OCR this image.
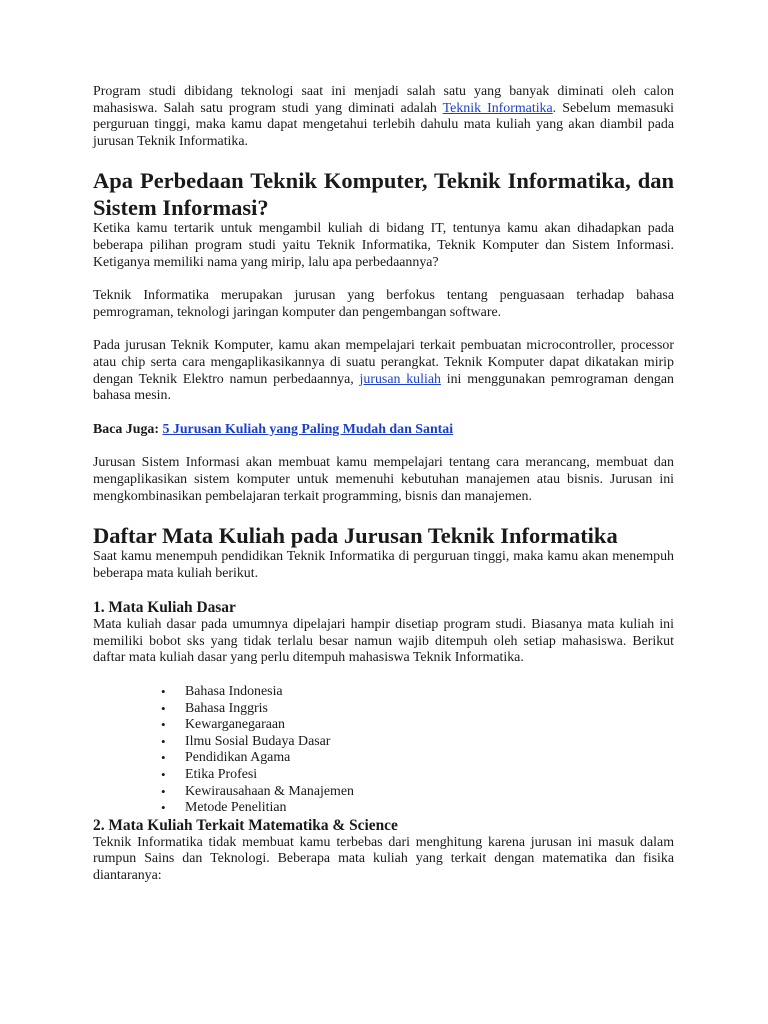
Program studi dibidang teknologi saat ini menjadi salah satu yang banyak diminati oleh calon mahasiswa. Salah satu program studi yang diminati adalah Teknik Informatika. Sebelum memasuki perguruan tinggi, maka kamu dapat mengetahui terlebih dahulu mata kuliah yang akan diambil pada jurusan Teknik Informatika.

Apa Perbedaan Teknik Komputer, Teknik Informatika, dan Sistem Informasi?

Ketika kamu tertarik untuk mengambil kuliah di bidang IT, tentunya kamu akan dihadapkan pada beberapa pilihan program studi yaitu Teknik Informatika, Teknik Komputer dan Sistem Informasi. Ketiganya memiliki nama yang mirip, lalu apa perbedaannya?

Teknik Informatika merupakan jurusan yang berfokus tentang penguasaan terhadap bahasa pemrograman, teknologi jaringan komputer dan pengembangan software.

Pada jurusan Teknik Komputer, kamu akan mempelajari terkait pembuatan microcontroller, processor atau chip serta cara mengaplikasikannya di suatu perangkat. Teknik Komputer dapat dikatakan mirip dengan Teknik Elektro namun perbedaannya, jurusan kuliah ini menggunakan pemrograman dengan bahasa mesin.

Baca Juga: 5 Jurusan Kuliah yang Paling Mudah dan Santai

Jurusan Sistem Informasi akan membuat kamu mempelajari tentang cara merancang, membuat dan mengaplikasikan sistem komputer untuk memenuhi kebutuhan manajemen atau bisnis. Jurusan ini mengkombinasikan pembelajaran terkait programming, bisnis dan manajemen.

Daftar Mata Kuliah pada Jurusan Teknik Informatika

Saat kamu menempuh pendidikan Teknik Informatika di perguruan tinggi, maka kamu akan menempuh beberapa mata kuliah berikut.

1. Mata Kuliah Dasar

Mata kuliah dasar pada umumnya dipelajari hampir disetiap program studi. Biasanya mata kuliah ini memiliki bobot sks yang tidak terlalu besar namun wajib ditempuh oleh setiap mahasiswa. Berikut daftar mata kuliah dasar yang perlu ditempuh mahasiswa Teknik Informatika.

• Bahasa Indonesia
• Bahasa Inggris
• Kewarganegaraan
• Ilmu Sosial Budaya Dasar
• Pendidikan Agama
• Etika Profesi
• Kewirausahaan & Manajemen
• Metode Penelitian
2. Mata Kuliah Terkait Matematika & Science

Teknik Informatika tidak membuat kamu terbebas dari menghitung karena jurusan ini masuk dalam rumpun Sains dan Teknologi. Beberapa mata kuliah yang terkait dengan matematika dan fisika diantaranya:
